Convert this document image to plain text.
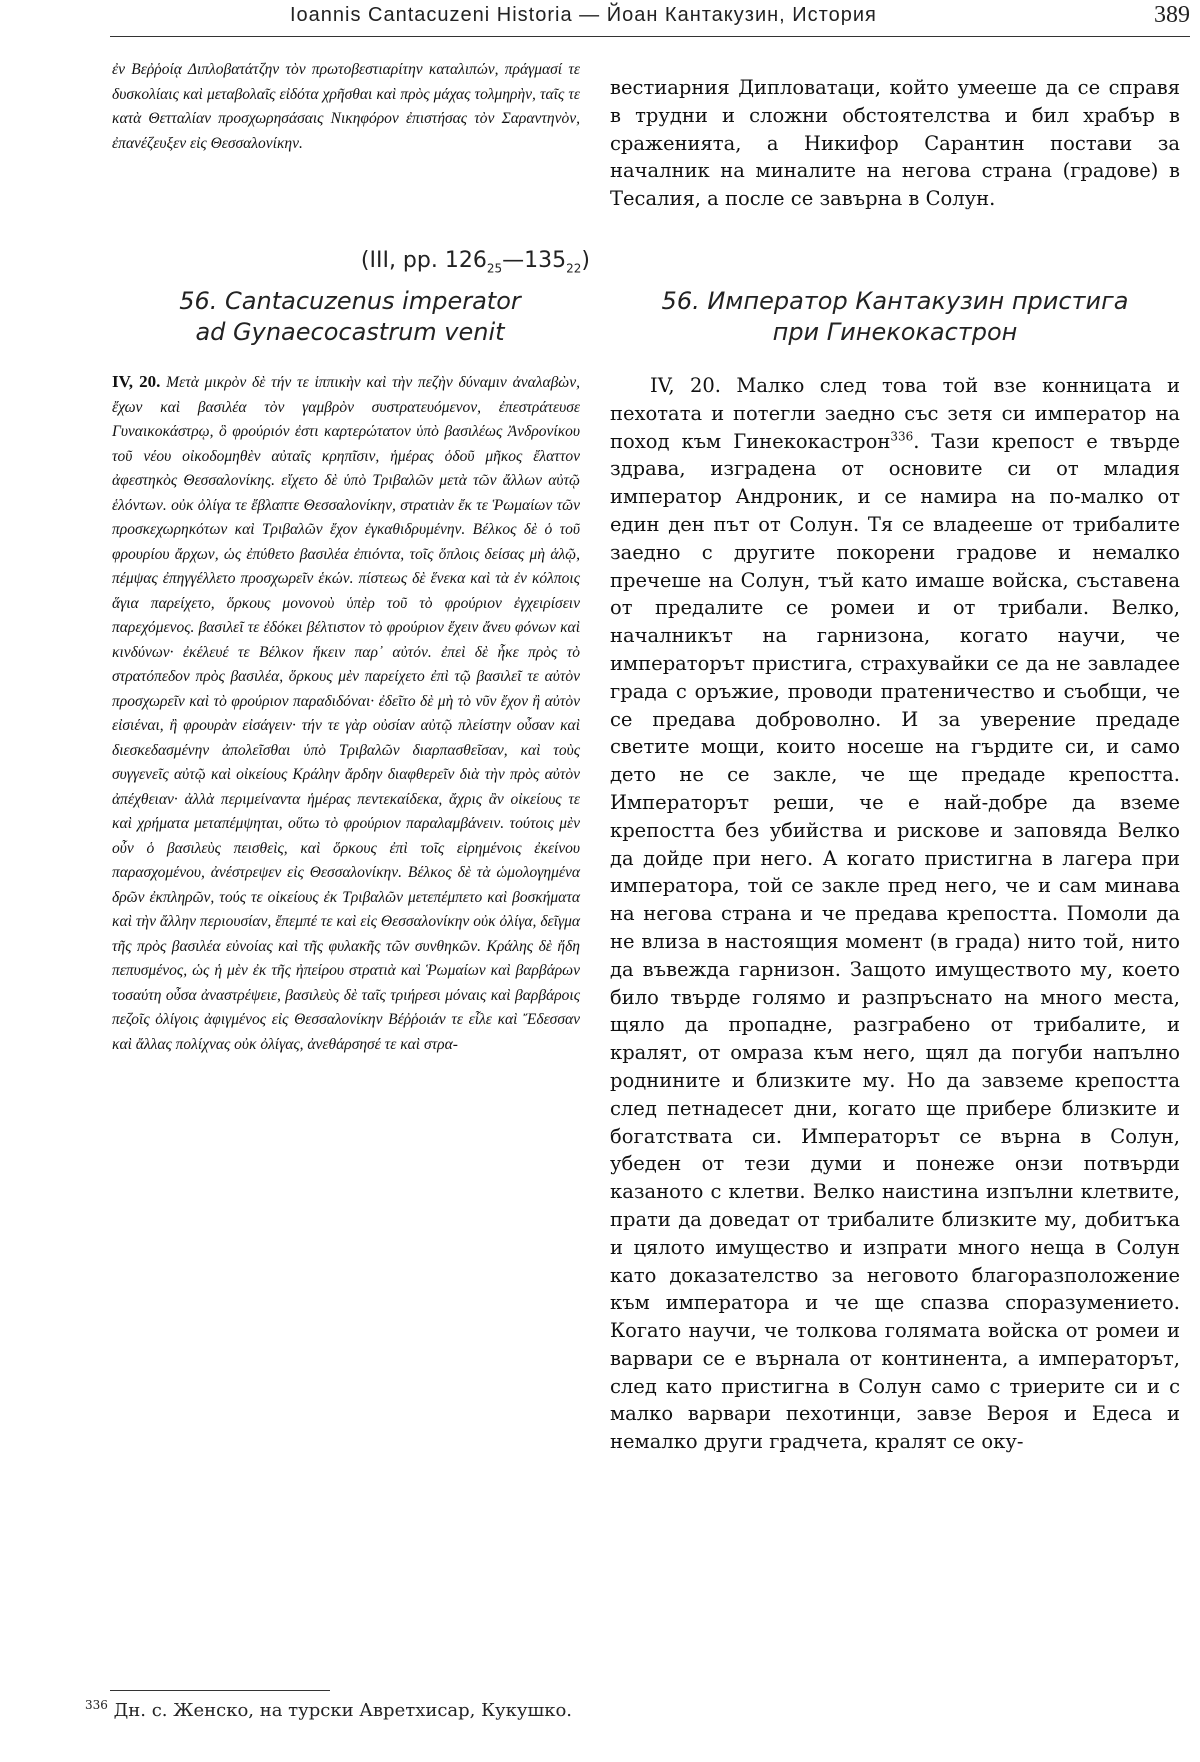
Ioannis Cantacuzeni Historia — Йоан Кантакузин, История	389

ἐν Βεῤῥοίᾳ Διπλοβατάτζην τὸν πρωτοβεστιαρίτην καταλιπών, πράγμασί τε δυσκολίαις καὶ μεταβολαῖς εἰδότα χρῆσθαι καὶ πρὸς μάχας τολμηρὴν, ταῖς τε κατὰ Θετταλίαν προσχωρησάσαις Νικηφόρον ἐπιστήσας τὸν Σαραντηνὸν, ἐπανέζευξεν εἰς Θεσσαλονίκην.

(III, pp. $126_{25}—135_{22}$)
56. Cantacuzenus imperator
ad Gynaecocastrum venit

IV, 20. Μετὰ μικρὸν δὲ τήν τε ἱππικὴν καὶ τὴν πεζὴν δύναμιν ἀναλαβὼν, ἔχων καὶ βασιλέα τὸν γαμβρὸν συστρατευόμενον, ἐπεστράτευσε Γυναικοκάστρῳ, ὃ φρούριόν ἐστι καρτερώτατον ὑπὸ βασιλέως Ἀνδρονίκου τοῦ νέου οἰκοδομηθὲν αὐταῖς κρηπῖσιν, ἡμέρας ὁδοῦ μῆκος ἔλαττον ἀφεστηκὸς Θεσσαλονίκης. εἴχετο δὲ ὑπὸ Τριβαλῶν μετὰ τῶν ἄλλων αὐτῷ ἑλόντων. οὐκ ὀλίγα τε ἔβλαπτε Θεσσαλονίκην, στρατιὰν ἔκ τε Ῥωμαίων τῶν προσκεχωρηκότων καὶ Τριβαλῶν ἔχον ἐγκαθιδρυμένην. Βέλκος δὲ ὁ τοῦ φρουρίου ἄρχων, ὡς ἐπύθετο βασιλέα ἐπιόντα, τοῖς ὅπλοις δείσας μὴ ἁλῷ, πέμψας ἐπηγγέλλετο προσχωρεῖν ἑκών. πίστεως δὲ ἕνεκα καὶ τὰ ἐν κόλποις ἅγια παρείχετο, ὅρκους μονονοὺ ὑπὲρ τοῦ τὸ φρούριον ἐγχειρίσειν παρεχόμενος. βασιλεῖ τε ἐδόκει βέλτιστον τὸ φρούριον ἔχειν ἄνευ φόνων καὶ κινδύνων· ἐκέλευέ τε Βέλκον ἥκειν παρ᾽ αὐτόν. ἐπεὶ δὲ ἧκε πρὸς τὸ στρατόπεδον πρὸς βασιλέα, ὅρκους μὲν παρείχετο ἐπὶ τῷ βασιλεῖ τε αὐτὸν προσχωρεῖν καὶ τὸ φρούριον παραδιδόναι· ἐδεῖτο δὲ μὴ τὸ νῦν ἔχον ἢ αὐτὸν εἰσιέναι, ἢ φρουρὰν εἰσάγειν· τήν τε γὰρ οὐσίαν αὐτῷ πλείστην οὖσαν καὶ διεσκεδασμένην ἀπολεῖσθαι ὑπὸ Τριβαλῶν διαρπασθεῖσαν, καὶ τοὺς συγγενεῖς αὐτῷ καὶ οἰκείους Κράλην ἄρδην διαφθερεῖν διὰ τὴν πρὸς αὐτὸν ἀπέχθειαν· ἀλλὰ περιμείναντα ἡμέρας πεντεκαίδεκα, ἄχρις ἂν οἰκείους τε καὶ χρήματα μεταπέμψηται, οὕτω τὸ φρούριον παραλαμβάνειν. τούτοις μὲν οὖν ὁ βασιλεὺς πεισθεὶς, καὶ ὅρκους ἐπὶ τοῖς εἰρημένοις ἐκείνου παρασχομένου, ἀνέστρεψεν εἰς Θεσσαλονίκην. Βέλκος δὲ τὰ ὡμολογημένα δρῶν ἐκπληρῶν, τούς τε οἰκείους ἐκ Τριβαλῶν μετεπέμπετο καὶ βοσκήματα καὶ τὴν ἄλλην περιουσίαν, ἔπεμπέ τε καὶ εἰς Θεσσαλονίκην οὐκ ὀλίγα, δεῖγμα τῆς πρὸς βασιλέα εὐνοίας καὶ τῆς φυλακῆς τῶν συνθηκῶν. Κράλης δὲ ἤδη πεπυσμένος, ὡς ἡ μὲν ἐκ τῆς ἠπείρου στρατιὰ καὶ Ῥωμαίων καὶ βαρβάρων τοσαύτη οὖσα ἀναστρέψειε, βασιλεὺς δὲ ταῖς τριήρεσι μόναις καὶ βαρβάροις πεζοῖς ὀλίγοις ἀφιγμένος εἰς Θεσσαλονίκην Βέῤῥοιάν τε εἷλε καὶ Ἔδεσσαν καὶ ἄλλας πολίχνας οὐκ ὀλίγας, ἀνεθάρσησέ τε καὶ στρα-

вестиарния Дипловатаци, който умееше да се справя в трудни и сложни обстоятелства и бил храбър в сраженията, а Никифор Сарантин постави за началник на миналите на негова страна (градове) в Тесалия, а после се завърна в Солун.

56. Император Кантакузин пристига
при Гинекокастрон

IV, 20. Малко след това той взе конницата и пехотата и потегли заедно със зетя си император на поход към Гинекокастрон$^{336}$. Тази крепост е твърде здрава, изградена от основите си от младия император Андроник, и се намира на по-малко от един ден път от Солун. Тя се владееше от трибалите заедно с другите покорени градове и немалко пречеше на Солун, тъй като имаше войска, съставена от предалите се ромеи и от трибали. Велко, началникът на гарнизона, когато научи, че императорът пристига, страхувайки се да не завладее града с оръжие, проводи пратеничество и съобщи, че се предава доброволно. И за уверение предаде светите мощи, които носеше на гърдите си, и само дето не се закле, че ще предаде крепостта. Императорът реши, че е най-добре да вземе крепостта без убийства и рискове и заповяда Велко да дойде при него. А когато пристигна в лагера при императора, той се закле пред него, че и сам минава на негова страна и че предава крепостта. Помоли да не влиза в настоящия момент (в града) нито той, нито да въвежда гарнизон. Защото имуществото му, което било твърде голямо и разпръснато на много места, щяло да пропадне, разграбено от трибалите, и кралят, от омраза към него, щял да погуби напълно роднините и близките му. Но да завземе крепостта след петнадесет дни, когато ще прибере близките и богатствата си. Императорът се върна в Солун, убеден от тези думи и понеже онзи потвърди казаното с клетви. Велко наистина изпълни клетвите, прати да доведат от трибалите близките му, добитъка и цялото имущество и изпрати много неща в Солун като доказателство за неговото благоразположение към императора и че ще спазва споразумението. Когато научи, че толкова голямата войска от ромеи и варвари се е върнала от континента, а императорът, след като пристигна в Солун само с триерите си и с малко варвари пехотинци, завзе Вероя и Едеса и немалко други градчета, кралят се оку-

$^{336}$ Дн. с. Женско, на турски Авретхисар, Кукушко.
